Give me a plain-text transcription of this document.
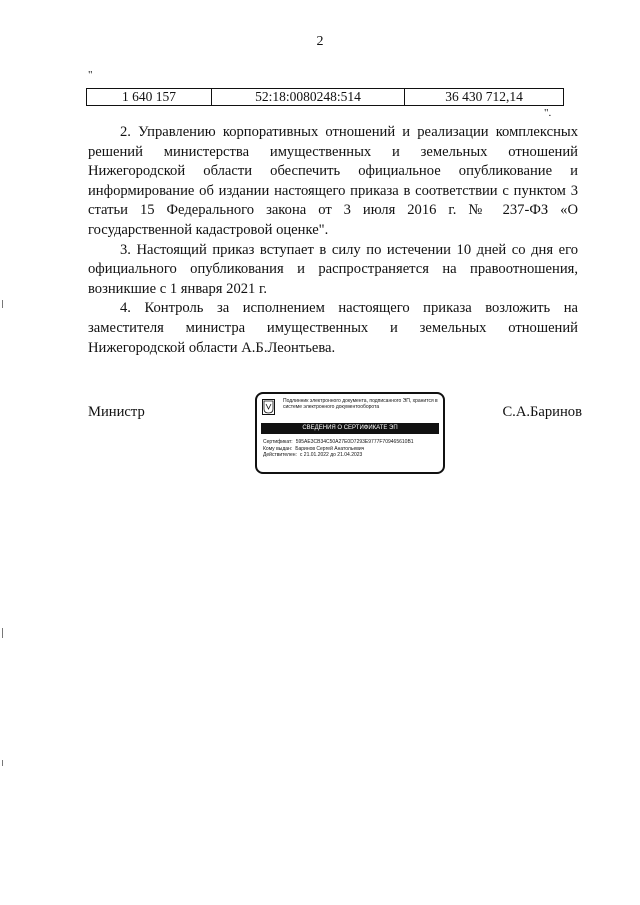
2
"
1 640 157	52:18:0080248:514	36 430 712,14
".

2. Управлению корпоративных отношений и реализации комплексных решений министерства имущественных и земельных отношений Нижегородской области обеспечить официальное опубликование и информирование об издании настоящего приказа в соответствии с пунктом 3 статьи 15 Федерального закона от 3 июля 2016 г. № 237-ФЗ «О государственной кадастровой оценке".

3. Настоящий приказ вступает в силу по истечении 10 дней со дня его официального опубликования и распространяется на правоотношения, возникшие с 1 января 2021 г.

4. Контроль за исполнением настоящего приказа возложить на заместителя министра имущественных и земельных отношений Нижегородской области А.Б.Леонтьева.

Министр
Подлинник электронного документа, подписанного ЭП, хранится в системе электронного документооборота
СВЕДЕНИЯ О СЕРТИФИКАТЕ ЭП
Сертификат: 595AE3CB34C50A27E0D7293E9777F709465610B1
Кому выдан: Баринов Сергей Анатольевич
Действителен: с 21.01.2022 до 21.04.2023
С.А.Баринов
